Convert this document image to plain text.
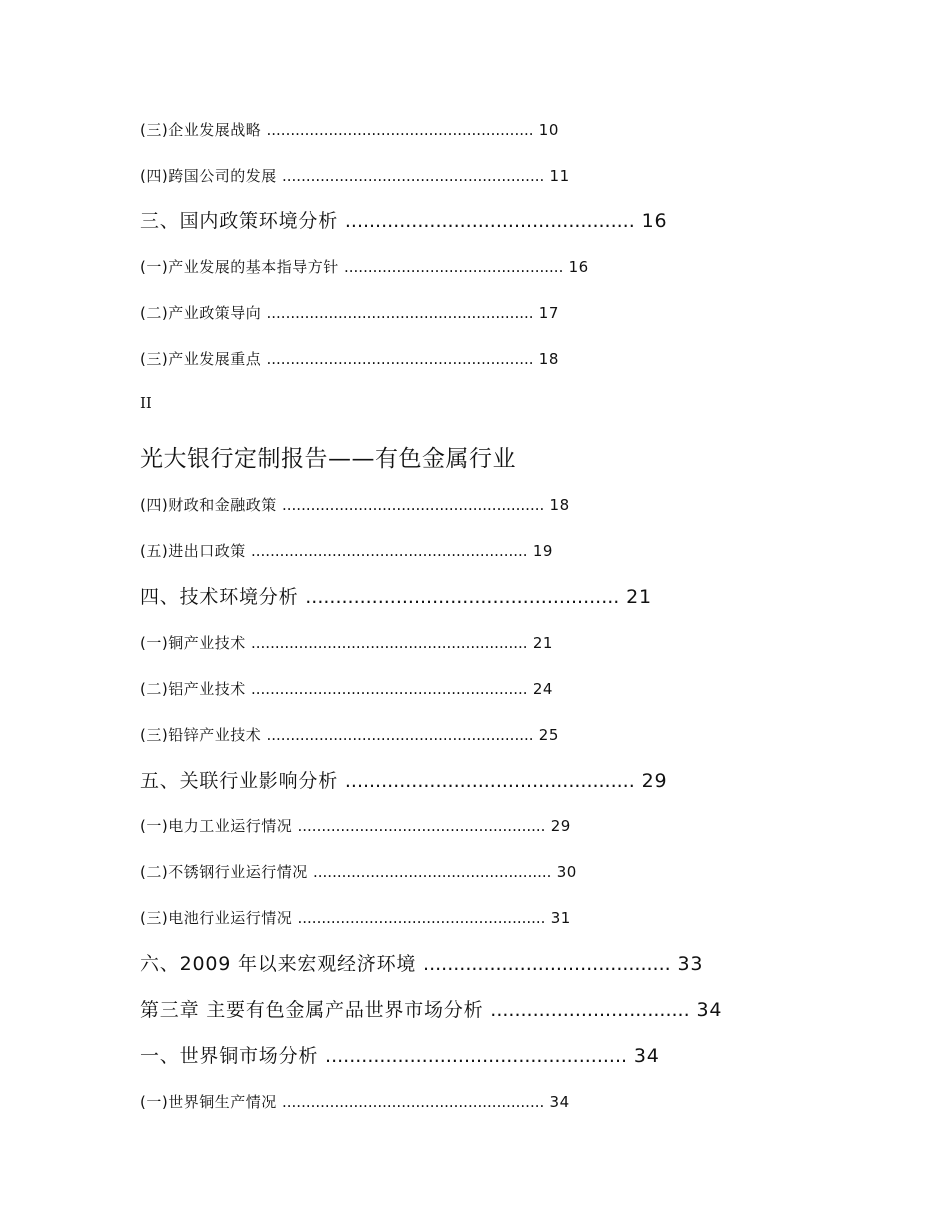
(三)企业发展战略 ........................................................ 10
(四)跨国公司的发展 ....................................................... 11
三、国内政策环境分析 ................................................ 16
(一)产业发展的基本指导方针 .............................................. 16
(二)产业政策导向 ........................................................ 17
(三)产业发展重点 ........................................................ 18
II
光大银行定制报告——有色金属行业
(四)财政和金融政策 ....................................................... 18
(五)进出口政策 .......................................................... 19
四、技术环境分析 .................................................... 21
(一)铜产业技术 .......................................................... 21
(二)铝产业技术 .......................................................... 24
(三)铅锌产业技术 ........................................................ 25
五、关联行业影响分析 ................................................ 29
(一)电力工业运行情况 .................................................... 29
(二)不锈钢行业运行情况 .................................................. 30
(三)电池行业运行情况 .................................................... 31
六、2009 年以来宏观经济环境 ......................................... 33
第三章 主要有色金属产品世界市场分析 ................................. 34
一、世界铜市场分析 .................................................. 34
(一)世界铜生产情况 ....................................................... 34
